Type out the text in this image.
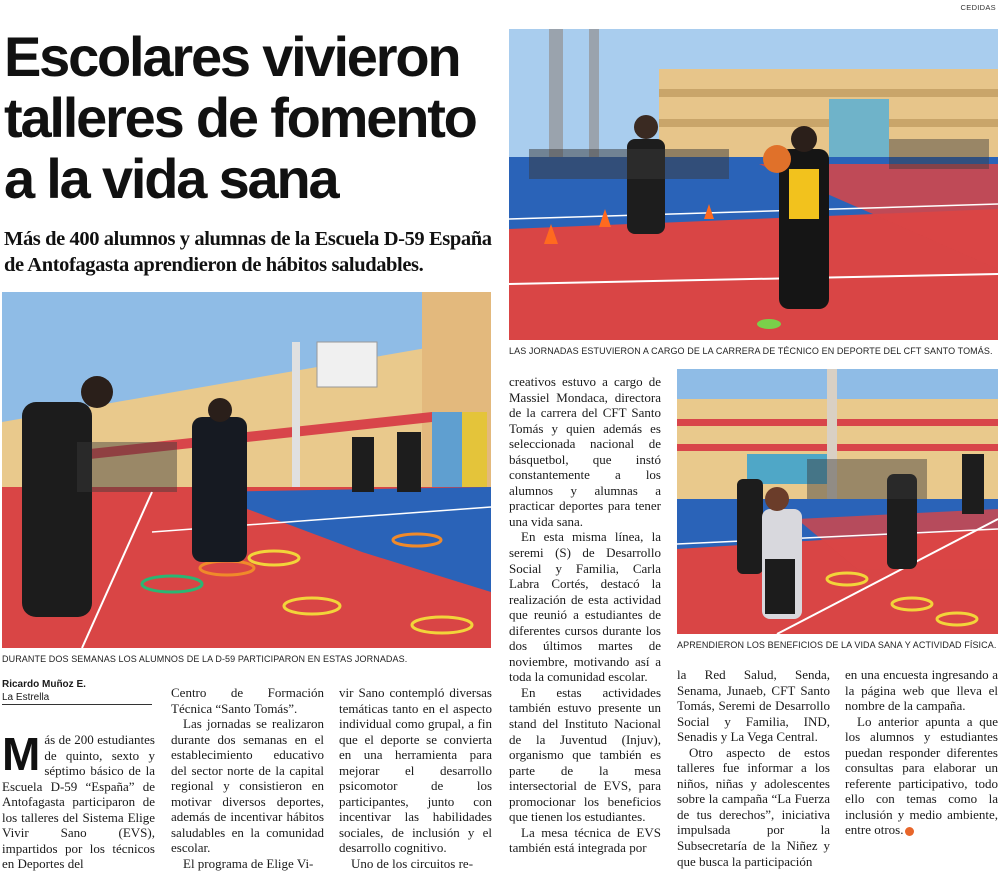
CEDIDAS
Escolares vivieron
talleres de fomento
a la vida sana
Más de 400 alumnos y alumnas de la Escuela D-59 España de Antofagasta aprendieron de hábitos saludables.
LAS JORNADAS ESTUVIERON A CARGO DE LA CARRERA DE TÉCNICO EN DEPORTE DEL CFT SANTO TOMÁS.
DURANTE DOS SEMANAS LOS ALUMNOS DE LA D-59 PARTICIPARON EN ESTAS JORNADAS.
APRENDIERON LOS BENEFICIOS DE LA VIDA SANA Y ACTIVIDAD FÍSICA.
Ricardo Muñoz E.
La Estrella

Más de 200 estudiantes de quinto, sexto y séptimo básico de la Escuela D-59 “España” de Antofagasta participaron de los talleres del Sistema Elige Vivir Sano (EVS), impartidos por los técnicos en Deportes del

Centro de Formación Técnica “Santo Tomás”.

Las jornadas se realizaron durante dos semanas en el establecimiento educativo del sector norte de la capital regional y consistieron en motivar diversos deportes, además de incentivar hábitos saludables en la comunidad escolar.

El programa de Elige Vi-

vir Sano contempló diversas temáticas tanto en el aspecto individual como grupal, a fin que el deporte se convierta en una herramienta para mejorar el desarrollo psicomotor de los participantes, junto con incentivar las habilidades sociales, de inclusión y el desarrollo cognitivo.

Uno de los circuitos re-

creativos estuvo a cargo de Massiel Mondaca, directora de la carrera del CFT Santo Tomás y quien además es seleccionada nacional de básquetbol, que instó constantemente a los alumnos y alumnas a practicar deportes para tener una vida sana.

En esta misma línea, la seremi (S) de Desarrollo Social y Familia, Carla Labra Cortés, destacó la realización de esta actividad que reunió a estudiantes de diferentes cursos durante los dos últimos martes de noviembre, motivando así a toda la comunidad escolar.

En estas actividades también estuvo presente un stand del Instituto Nacional de la Juventud (Injuv), organismo que también es parte de la mesa intersectorial de EVS, para promocionar los beneficios que tienen los estudiantes.

La mesa técnica de EVS también está integrada por

la Red Salud, Senda, Senama, Junaeb, CFT Santo Tomás, Seremi de Desarrollo Social y Familia, IND, Senadis y La Vega Central.

Otro aspecto de estos talleres fue informar a los niños, niñas y adolescentes sobre la campaña “La Fuerza de tus derechos”, iniciativa impulsada por la Subsecretaría de la Niñez y que busca la participación

en una encuesta ingresando a la página web que lleva el nombre de la campaña.

Lo anterior apunta a que los alumnos y estudiantes puedan responder diferentes consultas para elaborar un referente participativo, todo ello con temas como la inclusión y medio ambiente, entre otros.
